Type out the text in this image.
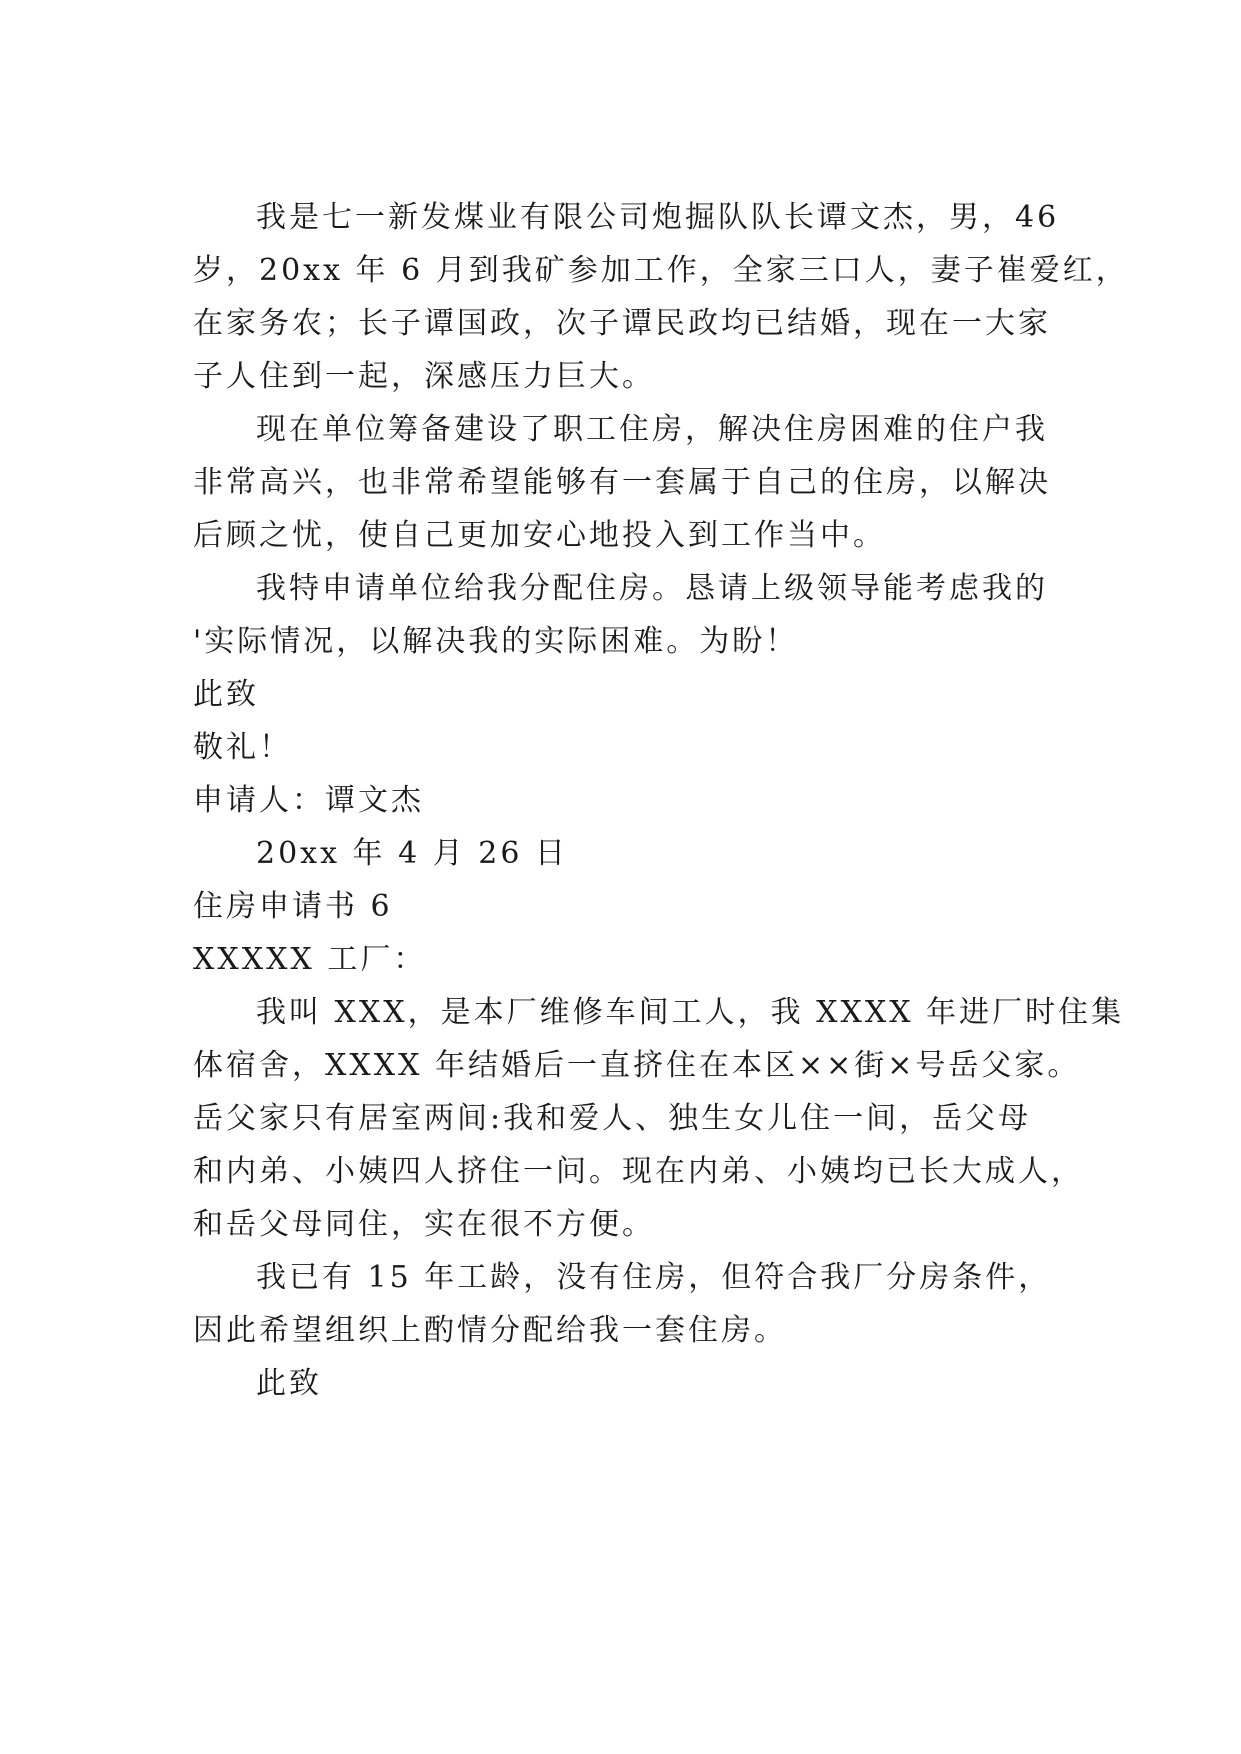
我是七一新发煤业有限公司炮掘队队长谭文杰，男，46
岁，20xx 年 6 月到我矿参加工作，全家三口人，妻子崔爱红，
在家务农；长子谭国政，次子谭民政均已结婚，现在一大家
子人住到一起，深感压力巨大。
现在单位筹备建设了职工住房，解决住房困难的住户我
非常高兴，也非常希望能够有一套属于自己的住房，以解决
后顾之忧，使自己更加安心地投入到工作当中。
我特申请单位给我分配住房。恳请上级领导能考虑我的
'实际情况，以解决我的实际困难。为盼！
此致
敬礼！
申请人：谭文杰
20xx 年 4 月 26 日
住房申请书 6
XXXXX 工厂：
我叫 XXX，是本厂维修车间工人，我 XXXX 年进厂时住集
体宿舍，XXXX 年结婚后一直挤住在本区××街×号岳父家。
岳父家只有居室两间:我和爱人、独生女儿住一间，岳父母
和内弟、小姨四人挤住一问。现在内弟、小姨均已长大成人，
和岳父母同住，实在很不方便。
我已有 15 年工龄，没有住房，但符合我厂分房条件，
因此希望组织上酌情分配给我一套住房。
此致
